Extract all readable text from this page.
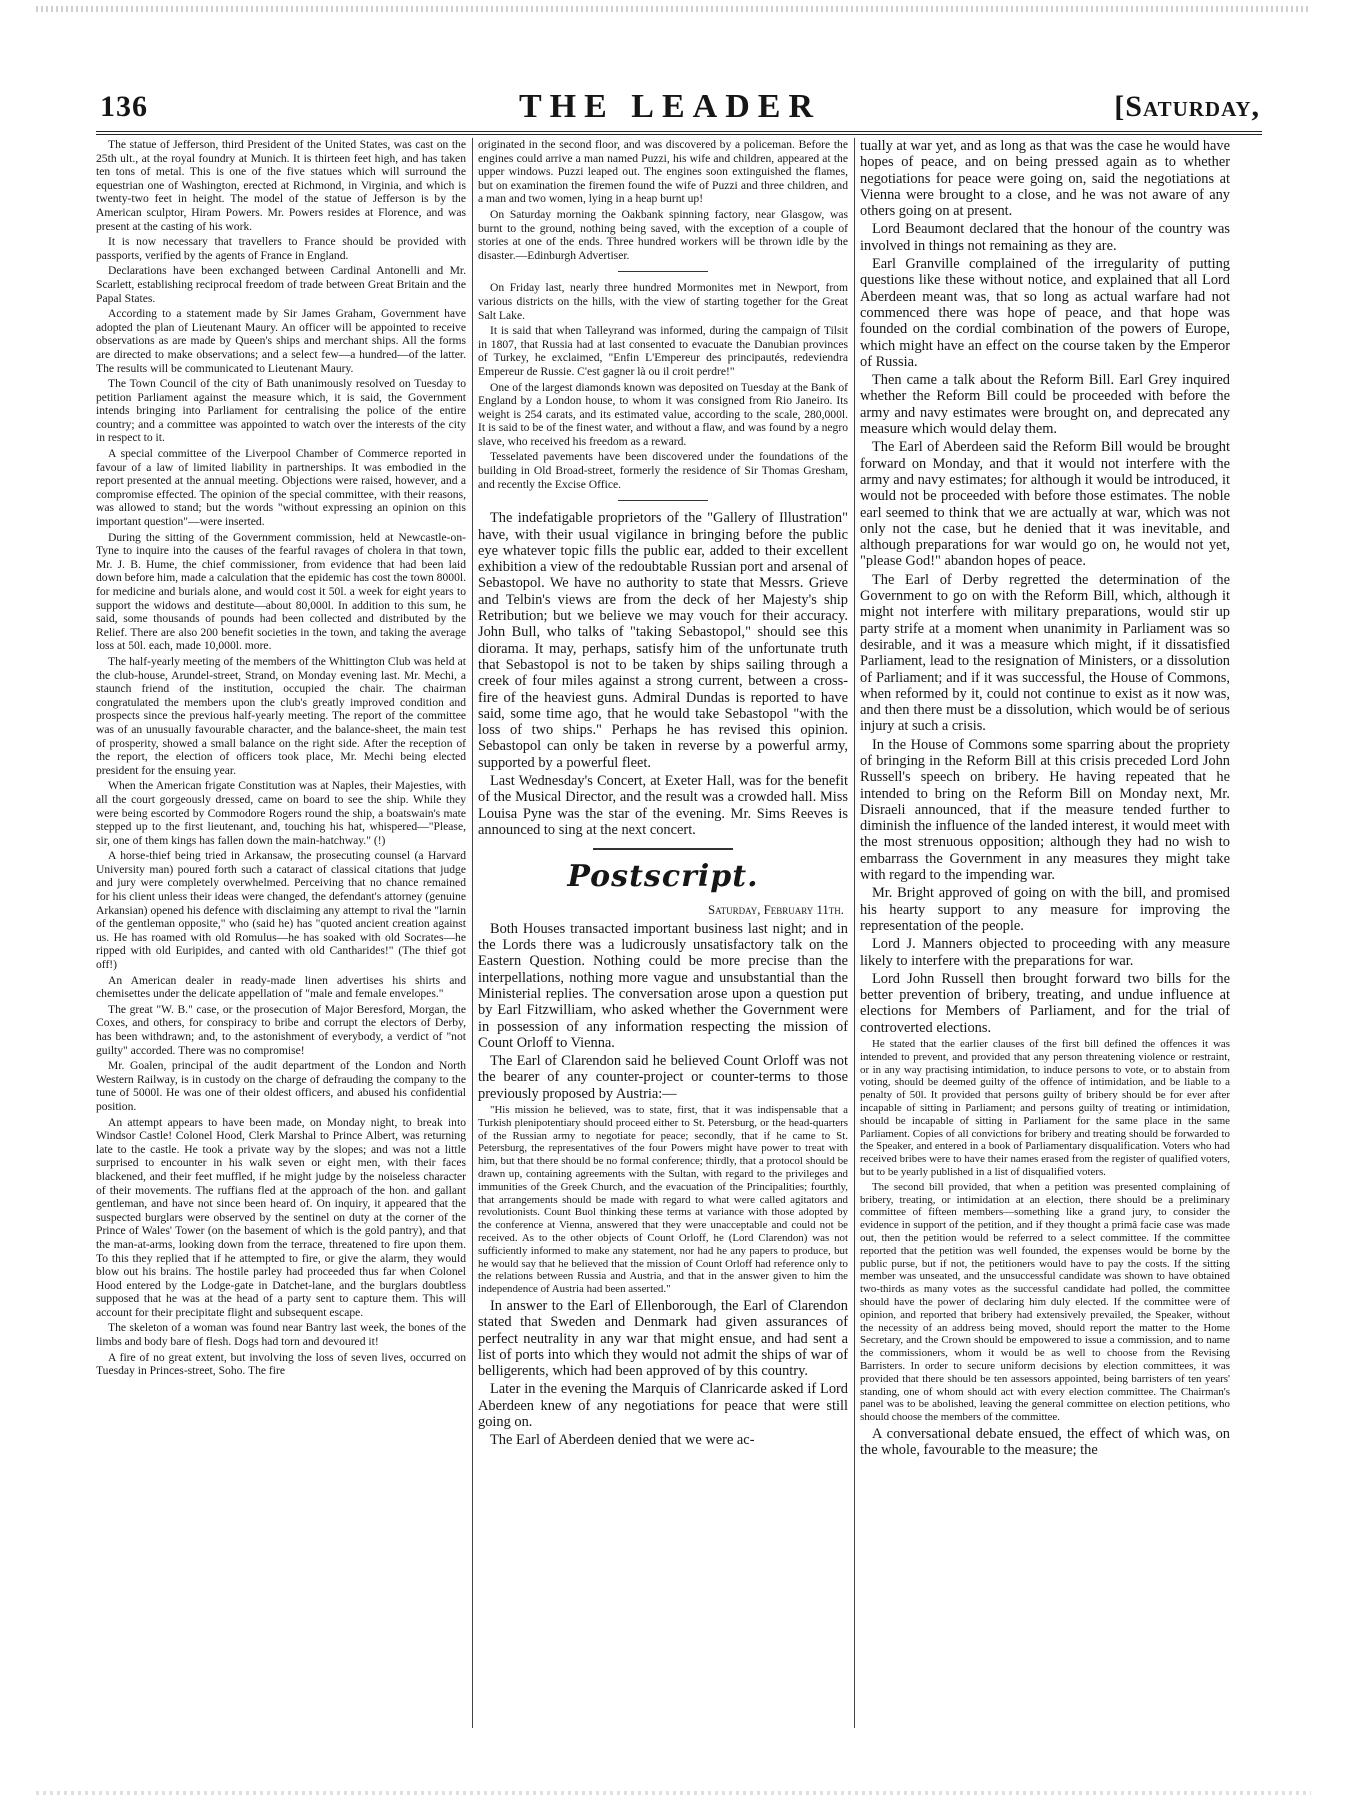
136	THE LEADER	[Saturday,

The statue of Jefferson, third President of the United States, was cast on the 25th ult., at the royal foundry at Munich. It is thirteen feet high, and has taken ten tons of metal. This is one of the five statues which will surround the equestrian one of Washington, erected at Richmond, in Virginia, and which is twenty-two feet in height. The model of the statue of Jefferson is by the American sculptor, Hiram Powers. Mr. Powers resides at Florence, and was present at the casting of his work.

It is now necessary that travellers to France should be provided with passports, verified by the agents of France in England.

Declarations have been exchanged between Cardinal Antonelli and Mr. Scarlett, establishing reciprocal freedom of trade between Great Britain and the Papal States.

According to a statement made by Sir James Graham, Government have adopted the plan of Lieutenant Maury. An officer will be appointed to receive observations as are made by Queen's ships and merchant ships. All the forms are directed to make observations; and a select few—a hundred—of the latter. The results will be communicated to Lieutenant Maury.

The Town Council of the city of Bath unanimously resolved on Tuesday to petition Parliament against the measure which, it is said, the Government intends bringing into Parliament for centralising the police of the entire country; and a committee was appointed to watch over the interests of the city in respect to it.

A special committee of the Liverpool Chamber of Commerce reported in favour of a law of limited liability in partnerships. It was embodied in the report presented at the annual meeting. Objections were raised, however, and a compromise effected. The opinion of the special committee, with their reasons, was allowed to stand; but the words "without expressing an opinion on this important question"—were inserted.

During the sitting of the Government commission, held at Newcastle-on-Tyne to inquire into the causes of the fearful ravages of cholera in that town, Mr. J. B. Hume, the chief commissioner, from evidence that had been laid down before him, made a calculation that the epidemic has cost the town 8000l. for medicine and burials alone, and would cost it 50l. a week for eight years to support the widows and destitute—about 80,000l. In addition to this sum, he said, some thousands of pounds had been collected and distributed by the Relief. There are also 200 benefit societies in the town, and taking the average loss at 50l. each, made 10,000l. more.

The half-yearly meeting of the members of the Whittington Club was held at the club-house, Arundel-street, Strand, on Monday evening last. Mr. Mechi, a staunch friend of the institution, occupied the chair. The chairman congratulated the members upon the club's greatly improved condition and prospects since the previous half-yearly meeting. The report of the committee was of an unusually favourable character, and the balance-sheet, the main test of prosperity, showed a small balance on the right side. After the reception of the report, the election of officers took place, Mr. Mechi being elected president for the ensuing year.

When the American frigate Constitution was at Naples, their Majesties, with all the court gorgeously dressed, came on board to see the ship. While they were being escorted by Commodore Rogers round the ship, a boatswain's mate stepped up to the first lieutenant, and, touching his hat, whispered—"Please, sir, one of them kings has fallen down the main-hatchway." (!)

A horse-thief being tried in Arkansaw, the prosecuting counsel (a Harvard University man) poured forth such a cataract of classical citations that judge and jury were completely overwhelmed. Perceiving that no chance remained for his client unless their ideas were changed, the defendant's attorney (genuine Arkansian) opened his defence with disclaiming any attempt to rival the "larnin of the gentleman opposite," who (said he) has "quoted ancient creation against us. He has roamed with old Romulus—he has soaked with old Socrates—he ripped with old Euripides, and canted with old Cantharides!" (The thief got off!)

An American dealer in ready-made linen advertises his shirts and chemisettes under the delicate appellation of "male and female envelopes."

The great "W. B." case, or the prosecution of Major Beresford, Morgan, the Coxes, and others, for conspiracy to bribe and corrupt the electors of Derby, has been withdrawn; and, to the astonishment of everybody, a verdict of "not guilty" accorded. There was no compromise!

Mr. Goalen, principal of the audit department of the London and North Western Railway, is in custody on the charge of defrauding the company to the tune of 5000l. He was one of their oldest officers, and abused his confidential position.

An attempt appears to have been made, on Monday night, to break into Windsor Castle! Colonel Hood, Clerk Marshal to Prince Albert, was returning late to the castle. He took a private way by the slopes; and was not a little surprised to encounter in his walk seven or eight men, with their faces blackened, and their feet muffled, if he might judge by the noiseless character of their movements. The ruffians fled at the approach of the hon. and gallant gentleman, and have not since been heard of. On inquiry, it appeared that the suspected burglars were observed by the sentinel on duty at the corner of the Prince of Wales' Tower (on the basement of which is the gold pantry), and that the man-at-arms, looking down from the terrace, threatened to fire upon them. To this they replied that if he attempted to fire, or give the alarm, they would blow out his brains. The hostile parley had proceeded thus far when Colonel Hood entered by the Lodge-gate in Datchet-lane, and the burglars doubtless supposed that he was at the head of a party sent to capture them. This will account for their precipitate flight and subsequent escape.

The skeleton of a woman was found near Bantry last week, the bones of the limbs and body bare of flesh. Dogs had torn and devoured it!

A fire of no great extent, but involving the loss of seven lives, occurred on Tuesday in Princes-street, Soho. The fire

originated in the second floor, and was discovered by a policeman. Before the engines could arrive a man named Puzzi, his wife and children, appeared at the upper windows. Puzzi leaped out. The engines soon extinguished the flames, but on examination the firemen found the wife of Puzzi and three children, and a man and two women, lying in a heap burnt up!

On Saturday morning the Oakbank spinning factory, near Glasgow, was burnt to the ground, nothing being saved, with the exception of a couple of stories at one of the ends. Three hundred workers will be thrown idle by the disaster.—Edinburgh Advertiser.

On Friday last, nearly three hundred Mormonites met in Newport, from various districts on the hills, with the view of starting together for the Great Salt Lake.

It is said that when Talleyrand was informed, during the campaign of Tilsit in 1807, that Russia had at last consented to evacuate the Danubian provinces of Turkey, he exclaimed, "Enfin L'Empereur des principautés, redeviendra Empereur de Russie. C'est gagner là ou il croit perdre!"

One of the largest diamonds known was deposited on Tuesday at the Bank of England by a London house, to whom it was consigned from Rio Janeiro. Its weight is 254 carats, and its estimated value, according to the scale, 280,000l. It is said to be of the finest water, and without a flaw, and was found by a negro slave, who received his freedom as a reward.

Tesselated pavements have been discovered under the foundations of the building in Old Broad-street, formerly the residence of Sir Thomas Gresham, and recently the Excise Office.

The indefatigable proprietors of the "Gallery of Illustration" have, with their usual vigilance in bringing before the public eye whatever topic fills the public ear, added to their excellent exhibition a view of the redoubtable Russian port and arsenal of Sebastopol. We have no authority to state that Messrs. Grieve and Telbin's views are from the deck of her Majesty's ship Retribution; but we believe we may vouch for their accuracy. John Bull, who talks of "taking Sebastopol," should see this diorama. It may, perhaps, satisfy him of the unfortunate truth that Sebastopol is not to be taken by ships sailing through a creek of four miles against a strong current, between a cross-fire of the heaviest guns. Admiral Dundas is reported to have said, some time ago, that he would take Sebastopol "with the loss of two ships." Perhaps he has revised this opinion. Sebastopol can only be taken in reverse by a powerful army, supported by a powerful fleet.

Last Wednesday's Concert, at Exeter Hall, was for the benefit of the Musical Director, and the result was a crowded hall. Miss Louisa Pyne was the star of the evening. Mr. Sims Reeves is announced to sing at the next concert.

Postscript.
Saturday, February 11th.

Both Houses transacted important business last night; and in the Lords there was a ludicrously unsatisfactory talk on the Eastern Question. Nothing could be more precise than the interpellations, nothing more vague and unsubstantial than the Ministerial replies. The conversation arose upon a question put by Earl Fitzwilliam, who asked whether the Government were in possession of any information respecting the mission of Count Orloff to Vienna.

The Earl of Clarendon said he believed Count Orloff was not the bearer of any counter-project or counter-terms to those previously proposed by Austria:—

"His mission he believed, was to state, first, that it was indispensable that a Turkish plenipotentiary should proceed either to St. Petersburg, or the head-quarters of the Russian army to negotiate for peace; secondly, that if he came to St. Petersburg, the representatives of the four Powers might have power to treat with him, but that there should be no formal conference; thirdly, that a protocol should be drawn up, containing agreements with the Sultan, with regard to the privileges and immunities of the Greek Church, and the evacuation of the Principalities; fourthly, that arrangements should be made with regard to what were called agitators and revolutionists. Count Buol thinking these terms at variance with those adopted by the conference at Vienna, answered that they were unacceptable and could not be received. As to the other objects of Count Orloff, he (Lord Clarendon) was not sufficiently informed to make any statement, nor had he any papers to produce, but he would say that he believed that the mission of Count Orloff had reference only to the relations between Russia and Austria, and that in the answer given to him the independence of Austria had been asserted."

In answer to the Earl of Ellenborough, the Earl of Clarendon stated that Sweden and Denmark had given assurances of perfect neutrality in any war that might ensue, and had sent a list of ports into which they would not admit the ships of war of belligerents, which had been approved of by this country.

Later in the evening the Marquis of Clanricarde asked if Lord Aberdeen knew of any negotiations for peace that were still going on.

The Earl of Aberdeen denied that we were ac-

tually at war yet, and as long as that was the case he would have hopes of peace, and on being pressed again as to whether negotiations for peace were going on, said the negotiations at Vienna were brought to a close, and he was not aware of any others going on at present.

Lord Beaumont declared that the honour of the country was involved in things not remaining as they are.

Earl Granville complained of the irregularity of putting questions like these without notice, and explained that all Lord Aberdeen meant was, that so long as actual warfare had not commenced there was hope of peace, and that hope was founded on the cordial combination of the powers of Europe, which might have an effect on the course taken by the Emperor of Russia.

Then came a talk about the Reform Bill. Earl Grey inquired whether the Reform Bill could be proceeded with before the army and navy estimates were brought on, and deprecated any measure which would delay them.

The Earl of Aberdeen said the Reform Bill would be brought forward on Monday, and that it would not interfere with the army and navy estimates; for although it would be introduced, it would not be proceeded with before those estimates. The noble earl seemed to think that we are actually at war, which was not only not the case, but he denied that it was inevitable, and although preparations for war would go on, he would not yet, "please God!" abandon hopes of peace.

The Earl of Derby regretted the determination of the Government to go on with the Reform Bill, which, although it might not interfere with military preparations, would stir up party strife at a moment when unanimity in Parliament was so desirable, and it was a measure which might, if it dissatisfied Parliament, lead to the resignation of Ministers, or a dissolution of Parliament; and if it was successful, the House of Commons, when reformed by it, could not continue to exist as it now was, and then there must be a dissolution, which would be of serious injury at such a crisis.

In the House of Commons some sparring about the propriety of bringing in the Reform Bill at this crisis preceded Lord John Russell's speech on bribery. He having repeated that he intended to bring on the Reform Bill on Monday next, Mr. Disraeli announced, that if the measure tended further to diminish the influence of the landed interest, it would meet with the most strenuous opposition; although they had no wish to embarrass the Government in any measures they might take with regard to the impending war.

Mr. Bright approved of going on with the bill, and promised his hearty support to any measure for improving the representation of the people.

Lord J. Manners objected to proceeding with any measure likely to interfere with the preparations for war.

Lord John Russell then brought forward two bills for the better prevention of bribery, treating, and undue influence at elections for Members of Parliament, and for the trial of controverted elections.

He stated that the earlier clauses of the first bill defined the offences it was intended to prevent, and provided that any person threatening violence or restraint, or in any way practising intimidation, to induce persons to vote, or to abstain from voting, should be deemed guilty of the offence of intimidation, and be liable to a penalty of 50l. It provided that persons guilty of bribery should be for ever after incapable of sitting in Parliament; and persons guilty of treating or intimidation, should be incapable of sitting in Parliament for the same place in the same Parliament. Copies of all convictions for bribery and treating should be forwarded to the Speaker, and entered in a book of Parliamentary disqualification. Voters who had received bribes were to have their names erased from the register of qualified voters, but to be yearly published in a list of disqualified voters.

The second bill provided, that when a petition was presented complaining of bribery, treating, or intimidation at an election, there should be a preliminary committee of fifteen members—something like a grand jury, to consider the evidence in support of the petition, and if they thought a primâ facie case was made out, then the petition would be referred to a select committee. If the committee reported that the petition was well founded, the expenses would be borne by the public purse, but if not, the petitioners would have to pay the costs. If the sitting member was unseated, and the unsuccessful candidate was shown to have obtained two-thirds as many votes as the successful candidate had polled, the committee should have the power of declaring him duly elected. If the committee were of opinion, and reported that bribery had extensively prevailed, the Speaker, without the necessity of an address being moved, should report the matter to the Home Secretary, and the Crown should be empowered to issue a commission, and to name the commissioners, whom it would be as well to choose from the Revising Barristers. In order to secure uniform decisions by election committees, it was provided that there should be ten assessors appointed, being barristers of ten years' standing, one of whom should act with every election committee. The Chairman's panel was to be abolished, leaving the general committee on election petitions, who should choose the members of the committee.

A conversational debate ensued, the effect of which was, on the whole, favourable to the measure; the
